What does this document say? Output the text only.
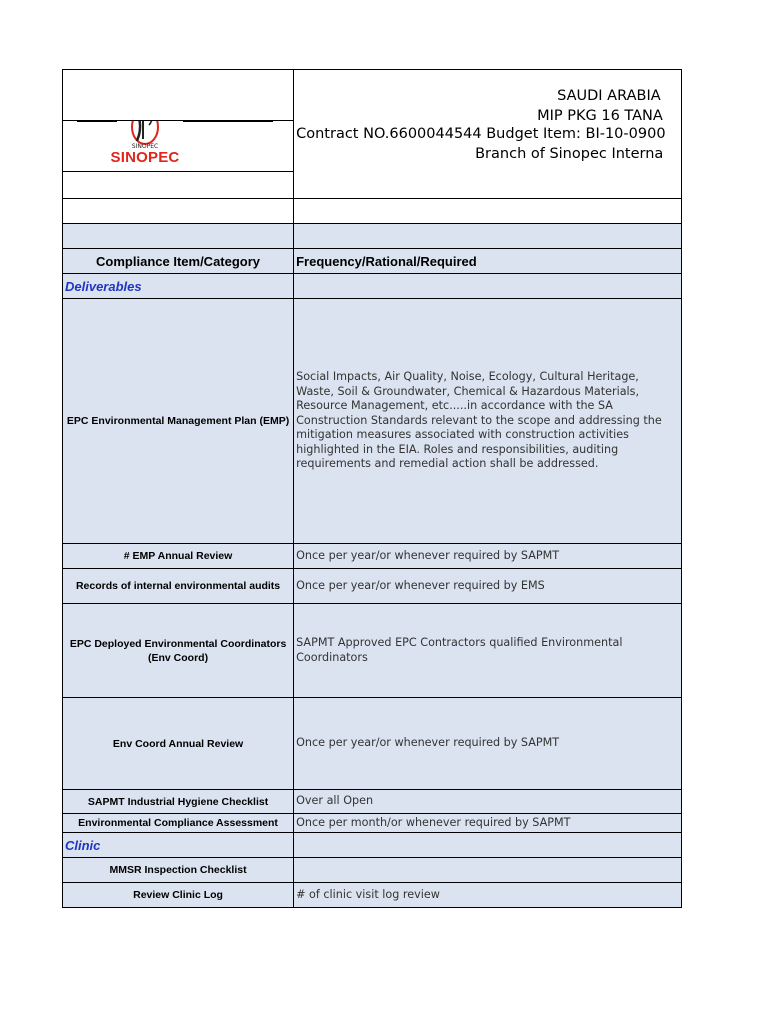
	SAUDI ARABIA
MIP PKG 16 TANA
Contract NO.6600044544 Budget Item: BI-10-0900
Branch of Sinopec Interna

SINOPEC
SINOPEC	

Compliance Item/Category	Frequency/Rational/Required
Deliverables	
EPC Environmental Management Plan (EMP)	Social Impacts, Air Quality, Noise, Ecology, Cultural Heritage, Waste, Soil & Groundwater, Chemical & Hazardous Materials, Resource Management, etc.....in accordance with the SA Construction Standards relevant to the scope and addressing the mitigation measures associated with construction activities highlighted in the EIA. Roles and responsibilities, auditing requirements and remedial action shall be addressed.
# EMP Annual Review	Once per year/or whenever required by SAPMT
Records of internal environmental audits	Once per year/or whenever required by EMS
EPC Deployed Environmental Coordinators (Env Coord)	SAPMT Approved EPC Contractors qualified Environmental Coordinators
Env Coord Annual Review	Once per year/or whenever required by SAPMT
SAPMT Industrial Hygiene Checklist	Over all Open
Environmental Compliance Assessment	Once per month/or whenever required by SAPMT
Clinic	
MMSR Inspection Checklist	
Review Clinic Log	# of clinic visit log review
